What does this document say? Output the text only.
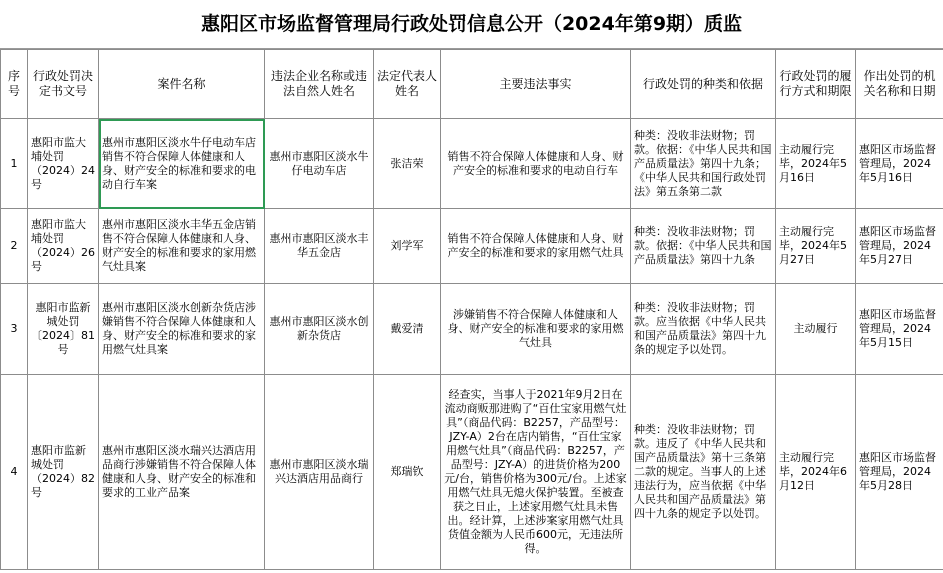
惠阳区市场监督管理局行政处罚信息公开（2024年第9期）质监
序号	行政处罚决定书文号	案件名称	违法企业名称或违法自然人姓名	法定代表人姓名	主要违法事实	行政处罚的种类和依据	行政处罚的履行方式和期限	作出处罚的机关名称和日期
1	惠阳市监大埔处罚（2024）24号	惠州市惠阳区淡水牛仔电动车店销售不符合保障人体健康和人身、财产安全的标准和要求的电动自行车案	惠州市惠阳区淡水牛仔电动车店	张洁荣	销售不符合保障人体健康和人身、财产安全的标准和要求的电动自行车	种类：没收非法财物；罚款。依据：《中华人民共和国产品质量法》第四十九条；《中华人民共和国行政处罚法》第五条第二款	主动履行完毕，2024年5月16日	惠阳区市场监督管理局，2024年5月16日
2	惠阳市监大埔处罚（2024）26号	惠州市惠阳区淡水丰华五金店销售不符合保障人体健康和人身、财产安全的标准和要求的家用燃气灶具案	惠州市惠阳区淡水丰华五金店	刘学军	销售不符合保障人体健康和人身、财产安全的标准和要求的家用燃气灶具	种类：没收非法财物；罚款。依据：《中华人民共和国产品质量法》第四十九条	主动履行完毕，2024年5月27日	惠阳区市场监督管理局，2024年5月27日
3	惠阳市监新城处罚〔2024〕81号	惠州市惠阳区淡水创新杂货店涉嫌销售不符合保障人体健康和人身、财产安全的标准和要求的家用燃气灶具案	惠州市惠阳区淡水创新杂货店	戴爱清	涉嫌销售不符合保障人体健康和人身、财产安全的标准和要求的家用燃气灶具	种类：没收非法财物；罚款。应当依据《中华人民共和国产品质量法》第四十九条的规定予以处罚。	主动履行	惠阳区市场监督管理局，2024年5月15日
4	惠阳市监新城处罚（2024）82号	惠州市惠阳区淡水瑞兴达酒店用品商行涉嫌销售不符合保障人体健康和人身、财产安全的标准和要求的工业产品案	惠州市惠阳区淡水瑞兴达酒店用品商行	郑瑞钦	经查实，当事人于2021年9月2日在流动商贩那进购了“百仕宝家用燃气灶具”（商品代码：B2257，产品型号：JZY-A）2台在店内销售，“百仕宝家用燃气灶具”（商品代码：B2257，产品型号：JZY-A）的进货价格为200元/台，销售价格为300元/台。上述家用燃气灶具无熄火保护装置。至被查获之日止，上述家用燃气灶具未售出。经计算，上述涉案家用燃气灶具货值金额为人民币600元，无违法所得。	种类：没收非法财物；罚款。违反了《中华人民共和国产品质量法》第十三条第二款的规定。当事人的上述违法行为，应当依据《中华人民共和国产品质量法》第四十九条的规定予以处罚。	主动履行完毕，2024年6月12日	惠阳区市场监督管理局，2024年5月28日
